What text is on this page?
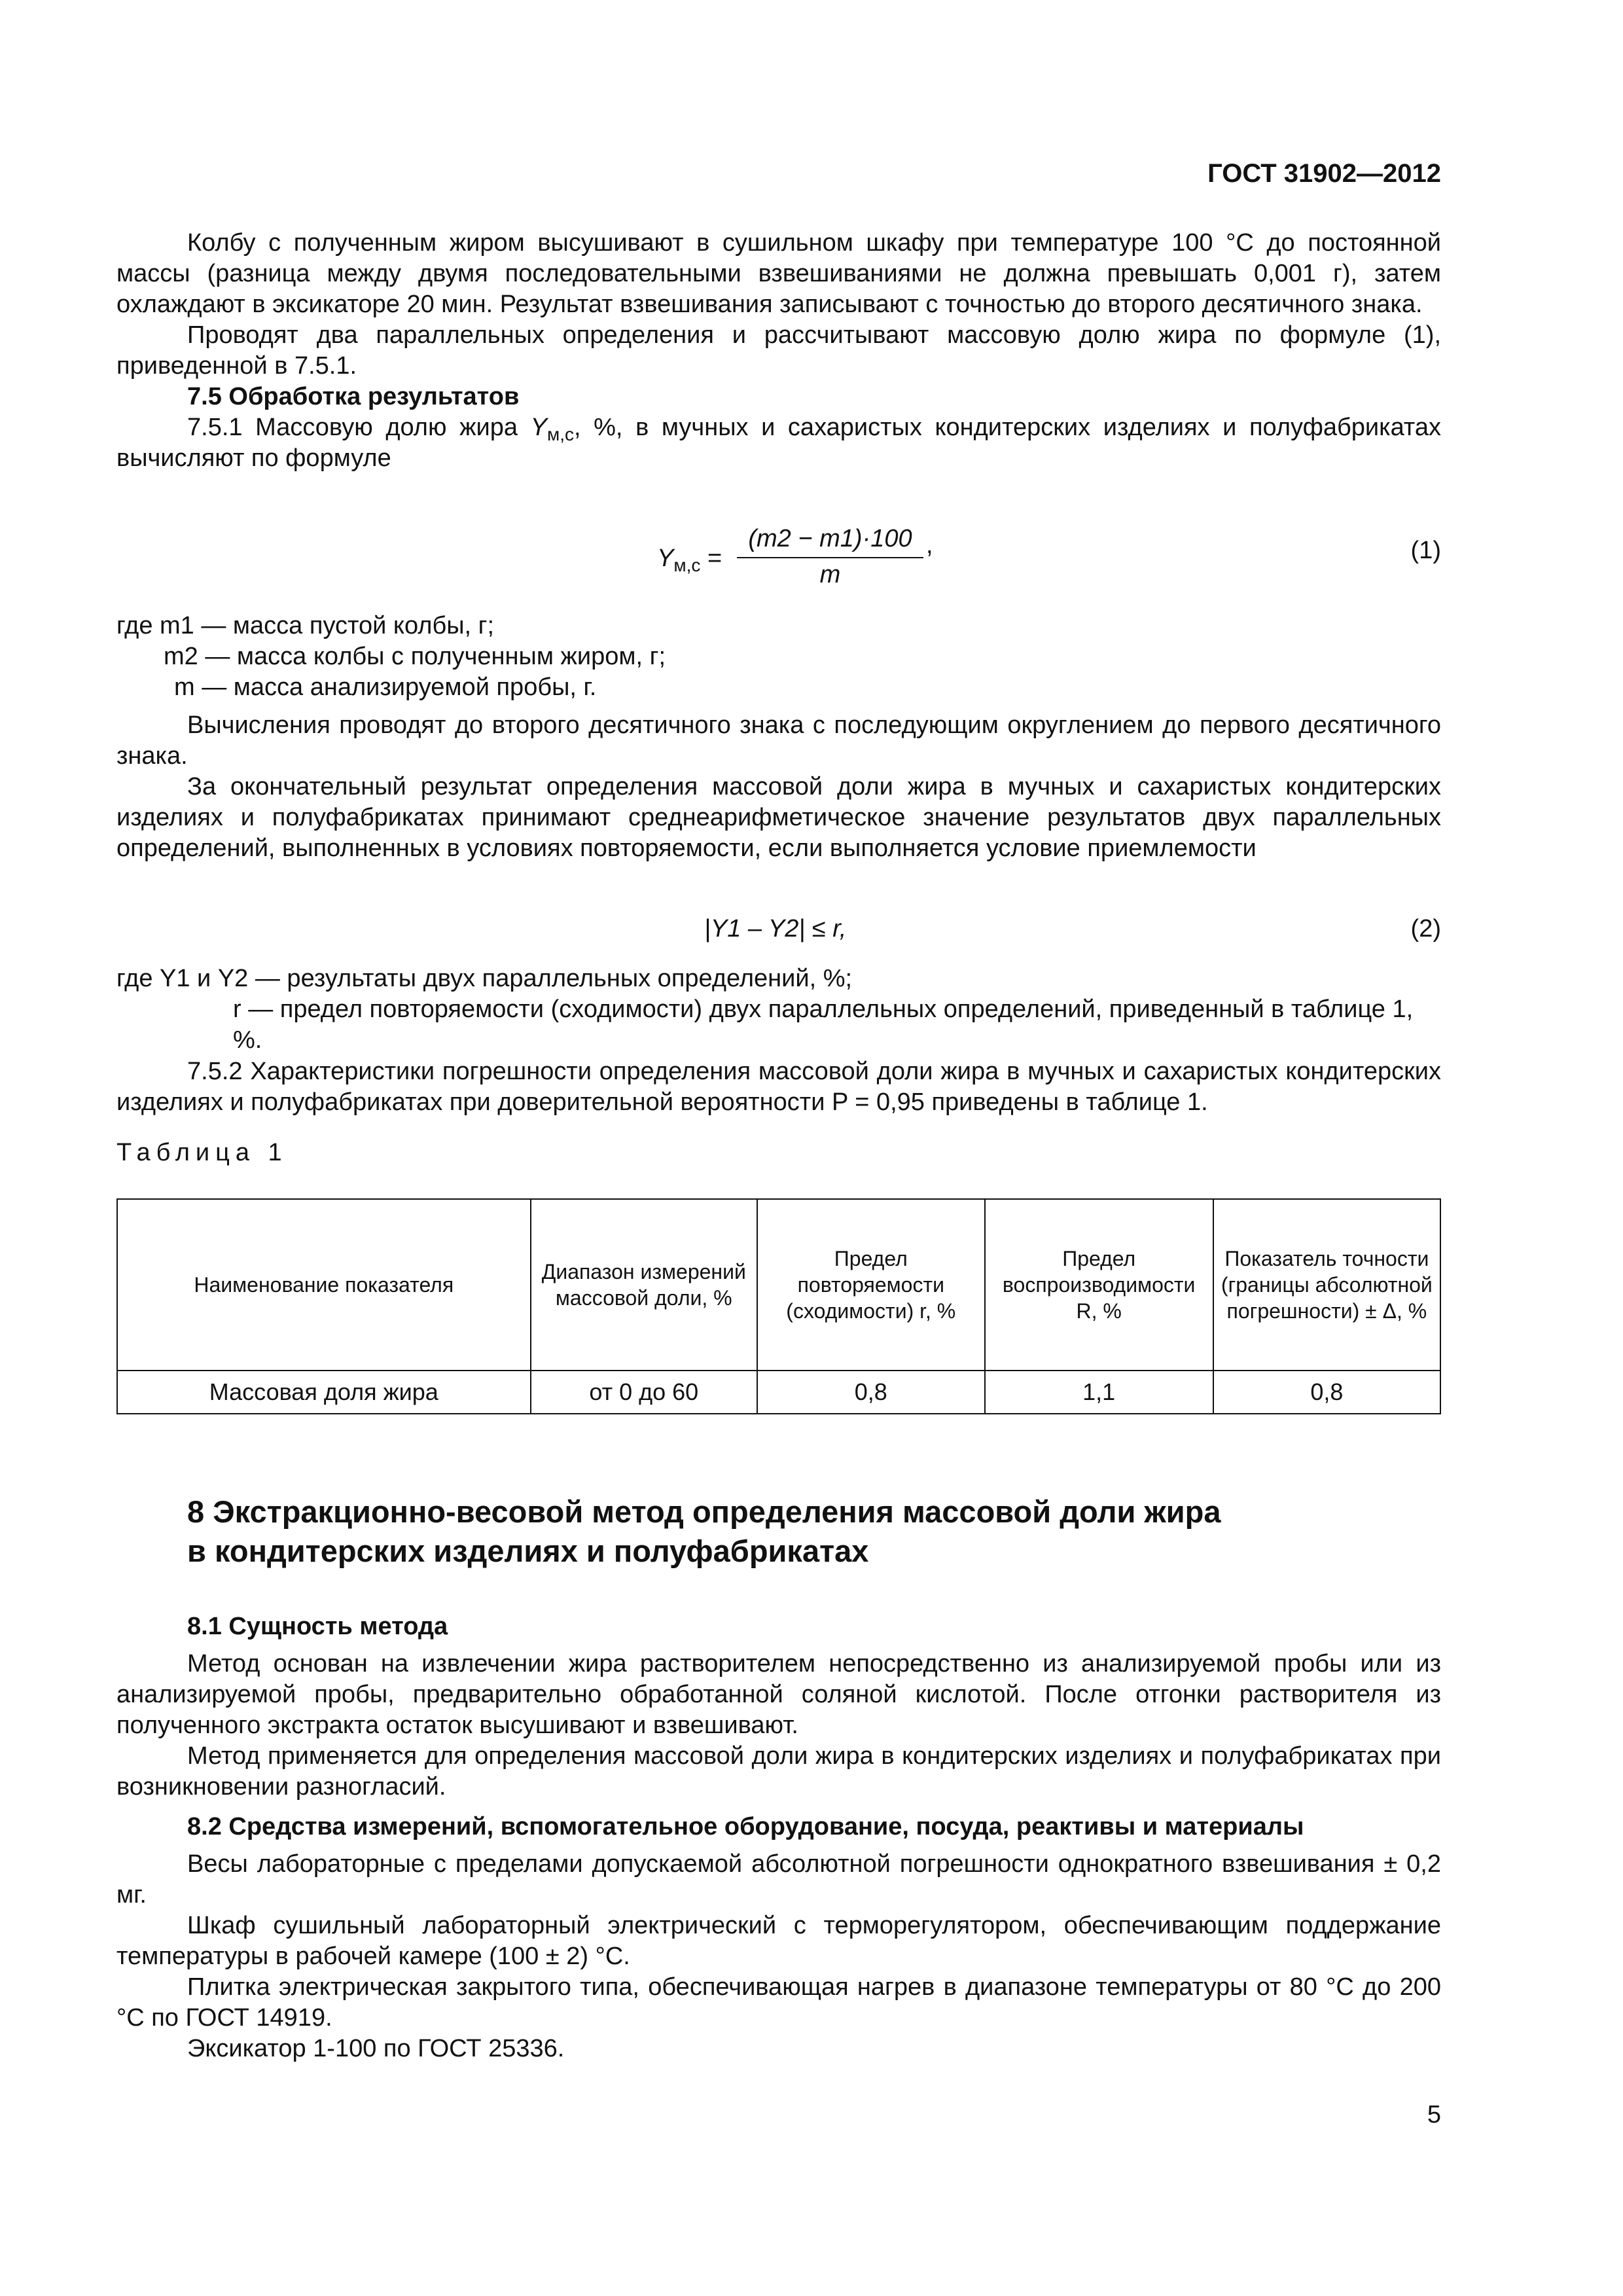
ГОСТ 31902—2012

Колбу с полученным жиром высушивают в сушильном шкафу при температуре 100 °С до постоянной массы (разница между двумя последовательными взвешиваниями не должна превышать 0,001 г), затем охлаждают в эксикаторе 20 мин. Результат взвешивания записывают с точностью до второго десятичного знака.

Проводят два параллельных определения и рассчитывают массовую долю жира по формуле (1), приведенной в 7.5.1.

7.5 Обработка результатов

7.5.1 Массовую долю жира $Y_{м,с}$, %, в мучных и сахаристых кондитерских изделиях и полуфабрикатах вычисляют по формуле

$Y_{м,с} = \frac{(m2 - m1)\cdot 100}{m}$ ,	(1)
где m1 — масса пустой колбы, г;
m2 — масса колбы с полученным жиром, г;
m — масса анализируемой пробы, г.

Вычисления проводят до второго десятичного знака с последующим округлением до первого десятичного знака.

За окончательный результат определения массовой доли жира в мучных и сахаристых кондитерских изделиях и полуфабрикатах принимают среднеарифметическое значение результатов двух параллельных определений, выполненных в условиях повторяемости, если выполняется условие приемлемости

|Y1 – Y2| ≤ r,	(2)
где Y1 и Y2 — результаты двух параллельных определений, %;
r — предел повторяемости (сходимости) двух параллельных определений, приведенный в таблице 1, %.

7.5.2 Характеристики погрешности определения массовой доли жира в мучных и сахаристых кондитерских изделиях и полуфабрикатах при доверительной вероятности P = 0,95 приведены в таблице 1.

Таблица 1

Наименование показателя	Диапазон измерений массовой доли, %	Предел повторяемости (сходимости) r, %	Предел воспроизводимости R, %	Показатель точности (границы абсолютной погрешности) ± Δ, %
Массовая доля жира	от 0 до 60	0,8	1,1	0,8

8 Экстракционно-весовой метод определения массовой доли жира

в кондитерских изделиях и полуфабрикатах

8.1 Сущность метода

Метод основан на извлечении жира растворителем непосредственно из анализируемой пробы или из анализируемой пробы, предварительно обработанной соляной кислотой. После отгонки растворителя из полученного экстракта остаток высушивают и взвешивают.

Метод применяется для определения массовой доли жира в кондитерских изделиях и полуфабрикатах при возникновении разногласий.

8.2 Средства измерений, вспомогательное оборудование, посуда, реактивы и материалы

Весы лабораторные с пределами допускаемой абсолютной погрешности однократного взвешивания ± 0,2 мг.

Шкаф сушильный лабораторный электрический с терморегулятором, обеспечивающим поддержание температуры в рабочей камере (100 ± 2) °С.

Плитка электрическая закрытого типа, обеспечивающая нагрев в диапазоне температуры от 80 °С до 200 °С по ГОСТ 14919.

Эксикатор 1-100 по ГОСТ 25336.

5
